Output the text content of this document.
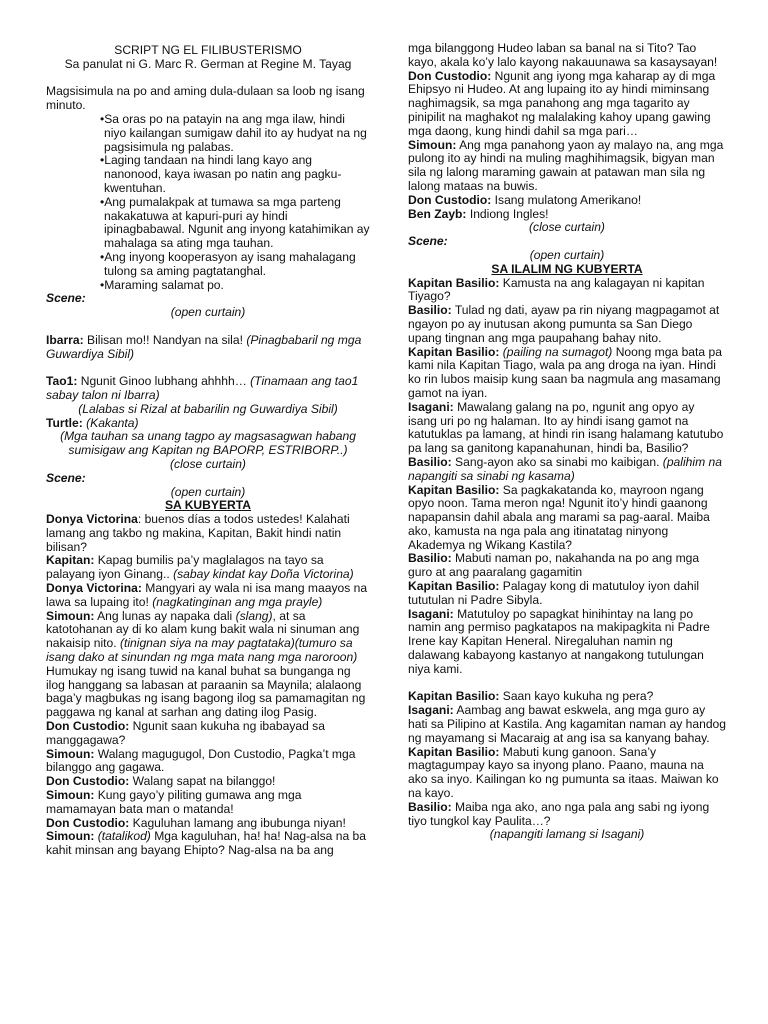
SCRIPT NG EL FILIBUSTERISMO

Sa panulat ni G. Marc R. German at Regine M. Tayag

Magsisimula na po and aming dula-dulaan sa loob ng isang minuto.

•Sa oras po na patayin na ang mga ilaw, hindi niyo kailangan sumigaw dahil ito ay hudyat na ng pagsisimula ng palabas.

•Laging tandaan na hindi lang kayo ang nanonood, kaya iwasan po natin ang pagku-kwentuhan.

•Ang pumalakpak at tumawa sa mga parteng nakakatuwa at kapuri-puri ay hindi ipinagbabawal. Ngunit ang inyong katahimikan ay mahalaga sa ating mga tauhan.

•Ang inyong kooperasyon ay isang mahalagang tulong sa aming pagtatanghal.

•Maraming salamat po.

Scene:

(open curtain)

Ibarra: Bilisan mo!! Nandyan na sila! (Pinagbabaril ng mga Guwardiya Sibil)

Tao1: Ngunit Ginoo lubhang ahhhh… (Tinamaan ang tao1 sabay talon ni Ibarra)

(Lalabas si Rizal at babarilin ng Guwardiya Sibil)

Turtle: (Kakanta)

(Mga tauhan sa unang tagpo ay magsasagwan habang sumisigaw ang Kapitan ng BAPORP, ESTRIBORP..)

(close curtain)

Scene:

(open curtain)

SA KUBYERTA

Donya Victorina: buenos días a todos ustedes! Kalahati lamang ang takbo ng makina, Kapitan, Bakit hindi natin bilisan?

Kapitan: Kapag bumilis pa’y maglalagos na tayo sa palayang iyon Ginang.. (sabay kindat kay Doña Victorina)

Donya Victorina: Mangyari ay wala ni isa mang maayos na lawa sa lupaing ito! (nagkatinginan ang mga prayle)

Simoun: Ang lunas ay napaka dali (slang), at sa katotohanan ay di ko alam kung bakit wala ni sinuman ang nakaisip nito. (tinignan siya na may pagtataka)(tumuro sa isang dako at sinundan ng mga mata nang mga naroroon) Humukay ng isang tuwid na kanal buhat sa bunganga ng ilog hanggang sa labasan at paraanin sa Maynila; alalaong baga’y magbukas ng isang bagong ilog sa pamamagitan ng paggawa ng kanal at sarhan ang dating ilog Pasig.

Don Custodio: Ngunit saan kukuha ng ibabayad sa manggagawa?

Simoun: Walang magugugol, Don Custodio, Pagka’t mga bilanggo ang gagawa.

Don Custodio: Walang sapat na bilanggo!

Simoun: Kung gayo’y piliting gumawa ang mga mamamayan bata man o matanda!

Don Custodio: Kaguluhan lamang ang ibubunga niyan!

Simoun: (tatalikod) Mga kaguluhan, ha! ha! Nag-alsa na ba kahit minsan ang bayang Ehipto? Nag-alsa na ba ang

mga bilanggong Hudeo laban sa banal na si Tito? Tao kayo, akala ko’y lalo kayong nakauunawa sa kasaysayan!

Don Custodio: Ngunit ang iyong mga kaharap ay di mga Ehipsyo ni Hudeo. At ang lupaing ito ay hindi miminsang naghimagsik, sa mga panahong ang mga tagarito ay pinipilit na maghakot ng malalaking kahoy upang gawing mga daong, kung hindi dahil sa mga pari…

Simoun: Ang mga panahong yaon ay malayo na, ang mga pulong ito ay hindi na muling maghihimagsik, bigyan man sila ng lalong maraming gawain at patawan man sila ng lalong mataas na buwis.

Don Custodio: Isang mulatong Amerikano!

Ben Zayb: Indiong Ingles!

(close curtain)

Scene:

(open curtain)

SA ILALIM NG KUBYERTA

Kapitan Basilio: Kamusta na ang kalagayan ni kapitan Tiyago?

Basilio: Tulad ng dati, ayaw pa rin niyang magpagamot at ngayon po ay inutusan akong pumunta sa San Diego upang tingnan ang mga paupahang bahay nito.

Kapitan Basilio: (pailing na sumagot) Noong mga bata pa kami nila Kapitan Tiago, wala pa ang droga na iyan. Hindi ko rin lubos maisip kung saan ba nagmula ang masamang gamot na iyan.

Isagani: Mawalang galang na po, ngunit ang opyo ay isang uri po ng halaman. Ito ay hindi isang gamot na katutuklas pa lamang, at hindi rin isang halamang katutubo pa lang sa ganitong kapanahunan, hindi ba, Basilio?

Basilio: Sang-ayon ako sa sinabi mo kaibigan. (palihim na napangiti sa sinabi ng kasama)

Kapitan Basilio: Sa pagkakatanda ko, mayroon ngang opyo noon. Tama meron nga! Ngunit ito’y hindi gaanong napapansin dahil abala ang marami sa pag-aaral. Maiba ako, kamusta na nga pala ang itinatatag ninyong Akademya ng Wikang Kastila?

Basilio: Mabuti naman po, nakahanda na po ang mga guro at ang paaralang gagamitin

Kapitan Basilio: Palagay kong di matutuloy iyon dahil tututulan ni Padre Sibyla.

Isagani: Matutuloy po sapagkat hinihintay na lang po namin ang permiso pagkatapos na makipagkita ni Padre Irene kay Kapitan Heneral. Niregaluhan namin ng dalawang kabayong kastanyo at nangakong tutulungan niya kami.

Kapitan Basilio: Saan kayo kukuha ng pera?

Isagani: Aambag ang bawat eskwela, ang mga guro ay hati sa Pilipino at Kastila. Ang kagamitan naman ay handog ng mayamang si Macaraig at ang isa sa kanyang bahay.

Kapitan Basilio: Mabuti kung ganoon. Sana’y magtagumpay kayo sa inyong plano. Paano, mauna na ako sa inyo. Kailingan ko ng pumunta sa itaas. Maiwan ko na kayo.

Basilio: Maiba nga ako, ano nga pala ang sabi ng iyong tiyo tungkol kay Paulita…?

(napangiti lamang si Isagani)
